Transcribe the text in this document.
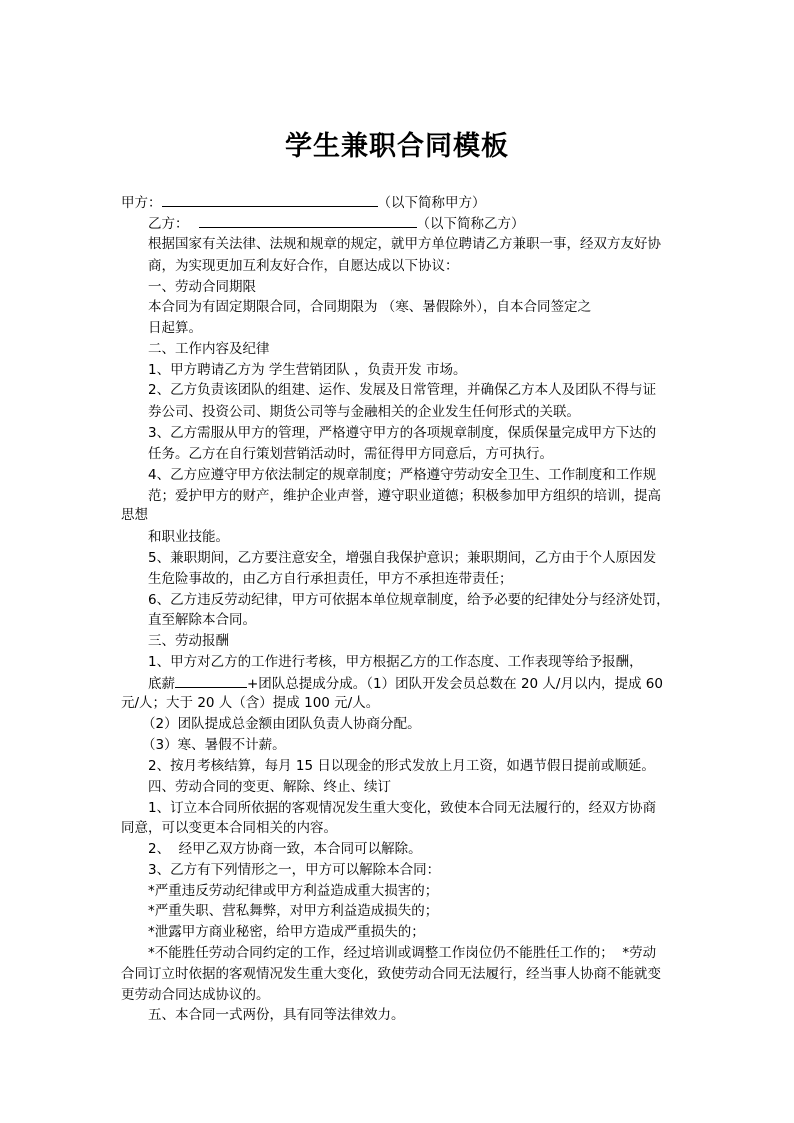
学生兼职合同模板
甲方：	（以下简称甲方）
乙方：	（以下简称乙方）
根据国家有关法律、法规和规章的规定，就甲方单位聘请乙方兼职一事，经双方友好协
商，为实现更加互利友好合作，自愿达成以下协议：
一、劳动合同期限
本合同为有固定期限合同，合同期限为 （寒、暑假除外），自本合同签定之
日起算。
二、工作内容及纪律
1、甲方聘请乙方为 学生营销团队 ，负责开发 市场。
2、乙方负责该团队的组建、运作、发展及日常管理，并确保乙方本人及团队不得与证
券公司、投资公司、期货公司等与金融相关的企业发生任何形式的关联。
3、乙方需服从甲方的管理，严格遵守甲方的各项规章制度，保质保量完成甲方下达的
任务。乙方在自行策划营销活动时，需征得甲方同意后，方可执行。
4、乙方应遵守甲方依法制定的规章制度；严格遵守劳动安全卫生、工作制度和工作规
范；爱护甲方的财产，维护企业声誉，遵守职业道德；积极参加甲方组织的培训，提高
思想
和职业技能。
5、兼职期间，乙方要注意安全，增强自我保护意识；兼职期间，乙方由于个人原因发
生危险事故的，由乙方自行承担责任，甲方不承担连带责任；
6、乙方违反劳动纪律，甲方可依据本单位规章制度，给予必要的纪律处分与经济处罚，
直至解除本合同。
三、劳动报酬
1、甲方对乙方的工作进行考核，甲方根据乙方的工作态度、工作表现等给予报酬，
底薪	+团队总提成分成。（1）团队开发会员总数在 20 人/月以内，提成 60
元/人；大于 20 人（含）提成 100 元/人。
（2）团队提成总金额由团队负责人协商分配。
（3）寒、暑假不计薪。
2、按月考核结算，每月 15 日以现金的形式发放上月工资，如遇节假日提前或顺延。
四、劳动合同的变更、解除、终止、续订
1、订立本合同所依据的客观情况发生重大变化，致使本合同无法履行的，经双方协商
同意，可以变更本合同相关的内容。
2、  经甲乙双方协商一致，本合同可以解除。
3、乙方有下列情形之一，甲方可以解除本合同：
*严重违反劳动纪律或甲方利益造成重大损害的；
*严重失职、营私舞弊，对甲方利益造成损失的；
*泄露甲方商业秘密，给甲方造成严重损失的；
*不能胜任劳动合同约定的工作，经过培训或调整工作岗位仍不能胜任工作的；  *劳动
合同订立时依据的客观情况发生重大变化，致使劳动合同无法履行，经当事人协商不能就变
更劳动合同达成协议的。
五、本合同一式两份，具有同等法律效力。
